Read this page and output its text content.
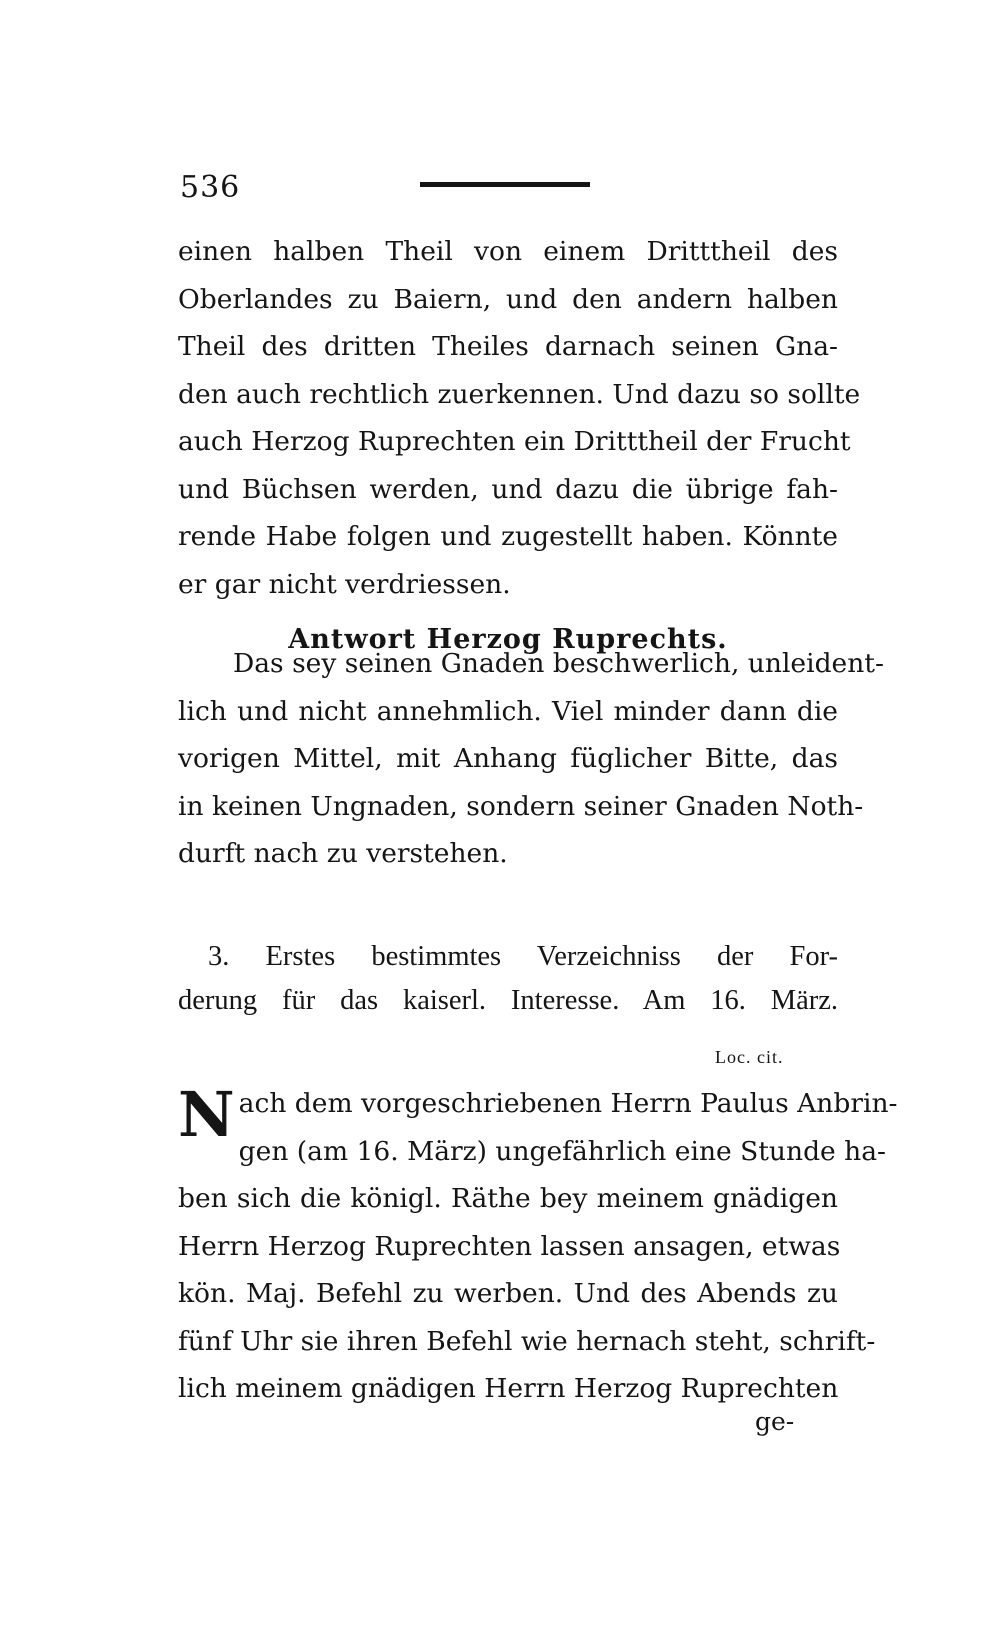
536
einen halben Theil von einem Dritttheil des
Oberlandes zu Baiern, und den andern halben
Theil des dritten Theiles darnach seinen Gna-
den auch rechtlich zuerkennen. Und dazu so sollte
auch Herzog Ruprechten ein Dritttheil der Frucht
und Büchsen werden, und dazu die übrige fah-
rende Habe folgen und zugestellt haben. Könnte
er gar nicht verdriessen.
Antwort Herzog Ruprechts.
Das sey seinen Gnaden beschwerlich, unleident-
lich und nicht annehmlich. Viel minder dann die
vorigen Mittel, mit Anhang füglicher Bitte, das
in keinen Ungnaden, sondern seiner Gnaden Noth-
durft nach zu verstehen.
3. Erstes bestimmtes Verzeichniss der For-
derung für das kaiserl. Interesse. Am 16. März.
Loc. cit.
N ach dem vorgeschriebenen Herrn Paulus Anbrin-
gen (am 16. März) ungefährlich eine Stunde ha-
ben sich die königl. Räthe bey meinem gnädigen
Herrn Herzog Ruprechten lassen ansagen, etwas
kön. Maj. Befehl zu werben. Und des Abends zu
fünf Uhr sie ihren Befehl wie hernach steht, schrift-
lich meinem gnädigen Herrn Herzog Ruprechten
ge-
